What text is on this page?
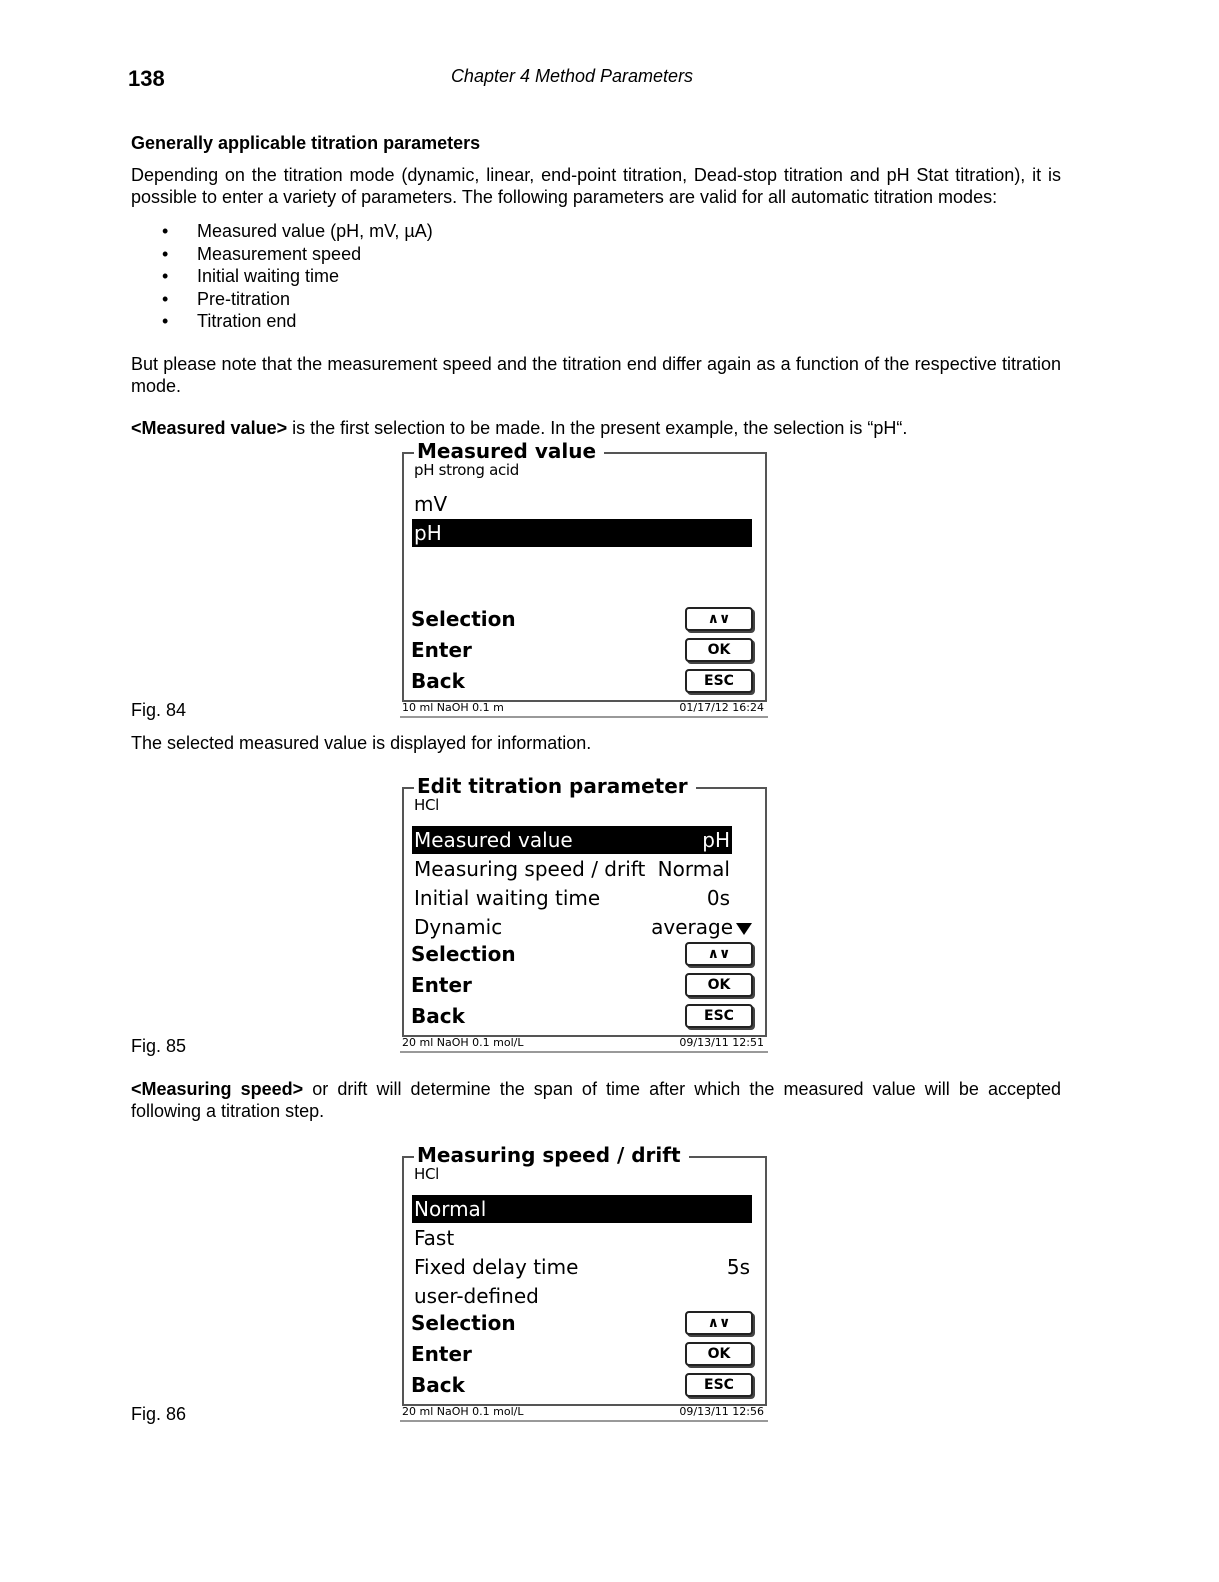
138	Chapter 4 Method Parameters
Generally applicable titration parameters
Depending on the titration mode (dynamic, linear, end-point titration, Dead-stop titration and pH Stat titration), it is possible to enter a variety of parameters. The following parameters are valid for all automatic titration modes:
• Measured value (pH, mV, µA)
• Measurement speed
• Initial waiting time
• Pre-titration
• Titration end
But please note that the measurement speed and the titration end differ again as a function of the respective titration mode.
<Measured value> is the first selection to be made. In the present example, the selection is “pH“.
Measured value
pH strong acid
mV
pH
Selection	∧∨
Enter	OK
Back	ESC
10 ml NaOH 0.1 m	01/17/12 16:24
Fig. 84
The selected measured value is displayed for information.
Edit titration parameter
HCl
Measured value	pH
Measuring speed / drift Normal
Initial waiting time	0s
Dynamic	average
Selection	∧∨
Enter	OK
Back	ESC
20 ml NaOH 0.1 mol/L	09/13/11 12:51
Fig. 85
<Measuring speed> or drift will determine the span of time after which the measured value will be accepted following a titration step.
Measuring speed / drift
HCl
Normal
Fast
Fixed delay time	5s
user-defined
Selection	∧∨
Enter	OK
Back	ESC
20 ml NaOH 0.1 mol/L	09/13/11 12:56
Fig. 86
